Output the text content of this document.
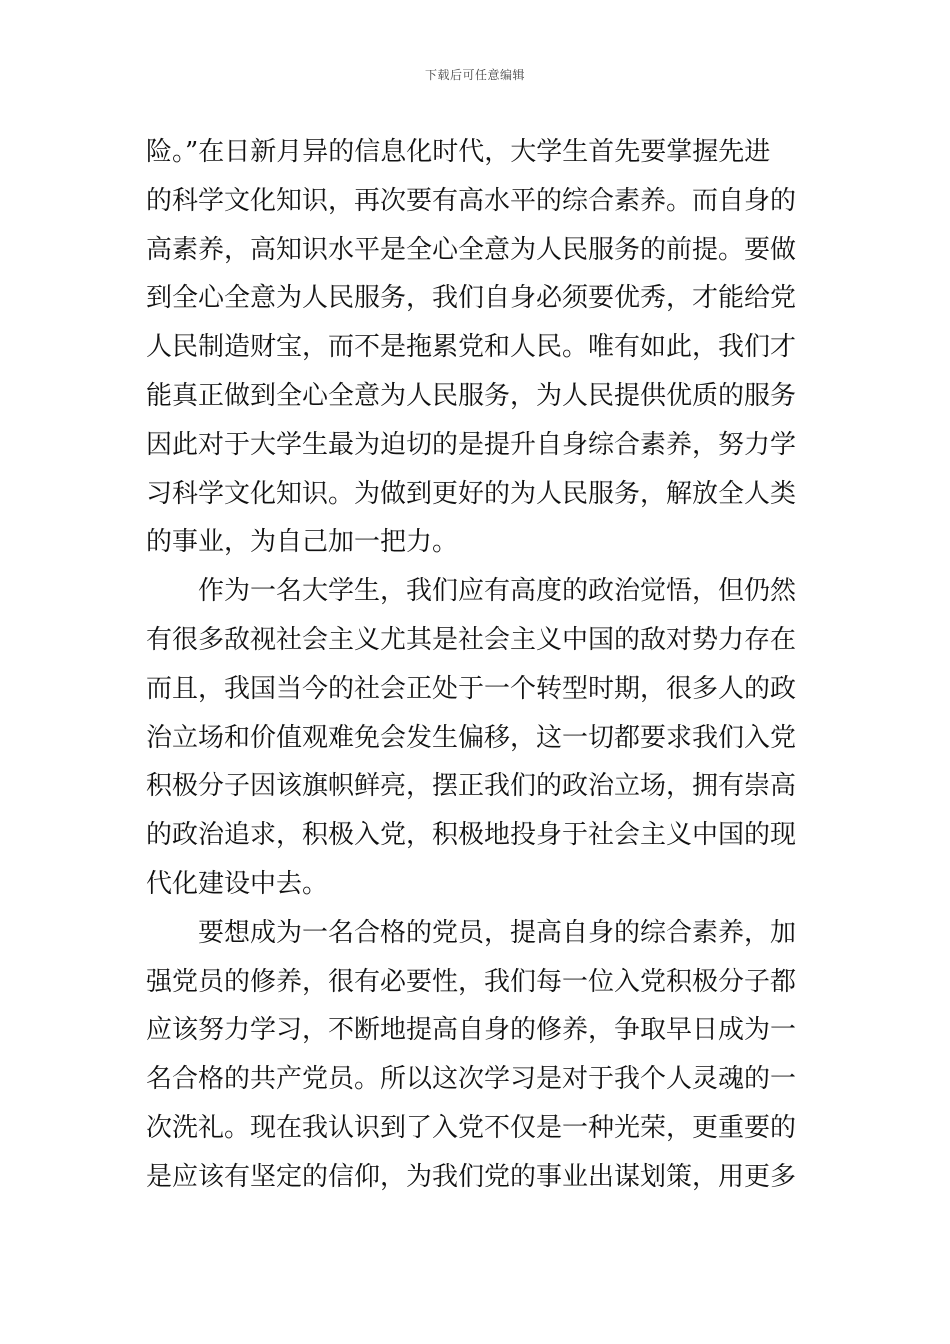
下载后可任意编辑
险。”在日新月异的信息化时代，大学生首先要掌握先进
的科学文化知识，再次要有高水平的综合素养。而自身的
高素养，高知识水平是全心全意为人民服务的前提。要做
到全心全意为人民服务，我们自身必须要优秀，才能给党
人民制造财宝，而不是拖累党和人民。唯有如此，我们才
能真正做到全心全意为人民服务，为人民提供优质的服务
因此对于大学生最为迫切的是提升自身综合素养，努力学
习科学文化知识。为做到更好的为人民服务，解放全人类
的事业，为自己加一把力。
作为一名大学生，我们应有高度的政治觉悟，但仍然
有很多敌视社会主义尤其是社会主义中国的敌对势力存在
而且，我国当今的社会正处于一个转型时期，很多人的政
治立场和价值观难免会发生偏移，这一切都要求我们入党
积极分子因该旗帜鲜亮，摆正我们的政治立场，拥有崇高
的政治追求，积极入党，积极地投身于社会主义中国的现
代化建设中去。
要想成为一名合格的党员，提高自身的综合素养，加
强党员的修养，很有必要性，我们每一位入党积极分子都
应该努力学习，不断地提高自身的修养，争取早日成为一
名合格的共产党员。所以这次学习是对于我个人灵魂的一
次洗礼。现在我认识到了入党不仅是一种光荣，更重要的
是应该有坚定的信仰，为我们党的事业出谋划策，用更多
